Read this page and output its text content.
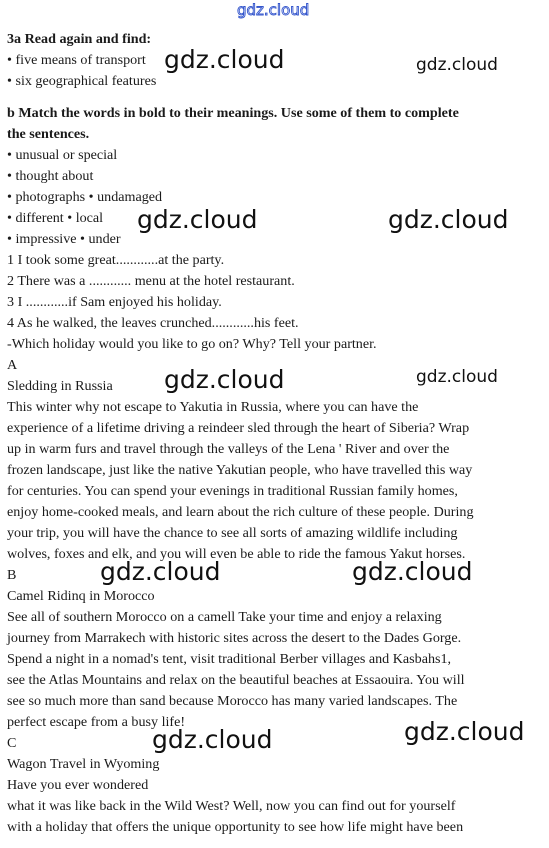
gdz.cloud
3a Read again and find:
• five means of transport
• six geographical features
b Match the words in bold to their meanings. Use some of them to complete
the sentences.
• unusual or special
• thought about
• photographs • undamaged
• different • local
• impressive • under
1 I took some great............at the party.
2 There was a ............ menu at the hotel restaurant.
3 I ............if Sam enjoyed his holiday.
4 As he walked, the leaves crunched............his feet.
-Which holiday would you like to go on? Why? Tell your partner.
A
Sledding in Russia
This winter why not escape to Yakutia in Russia, where you can have the
experience of a lifetime driving a reindeer sled through the heart of Siberia? Wrap
up in warm furs and travel through the valleys of the Lena ' River and over the
frozen landscape, just like the native Yakutian people, who have travelled this way
for centuries. You can spend your evenings in traditional Russian family homes,
enjoy home-cooked meals, and learn about the rich culture of these people. During
your trip, you will have the chance to see all sorts of amazing wildlife including
wolves, foxes and elk, and you will even be able to ride the famous Yakut horses.
B
Camel Ridinq in Morocco
See all of southern Morocco on a camell Take your time and enjoy a relaxing
journey from Marrakech with historic sites across the desert to the Dades Gorge.
Spend a night in a nomad's tent, visit traditional Berber villages and Kasbahs1,
see the Atlas Mountains and relax on the beautiful beaches at Essaouira. You will
see so much more than sand because Morocco has many varied landscapes. The
perfect escape from a busy life!
C
Wagon Travel in Wyoming
Have you ever wondered
what it was like back in the Wild West? Well, now you can find out for yourself
with a holiday that offers the unique opportunity to see how life might have been
gdz.cloud	gdz.cloud
gdz.cloud	gdz.cloud
gdz.cloud	gdz.cloud
gdz.cloud	gdz.cloud
gdz.cloud	gdz.cloud
